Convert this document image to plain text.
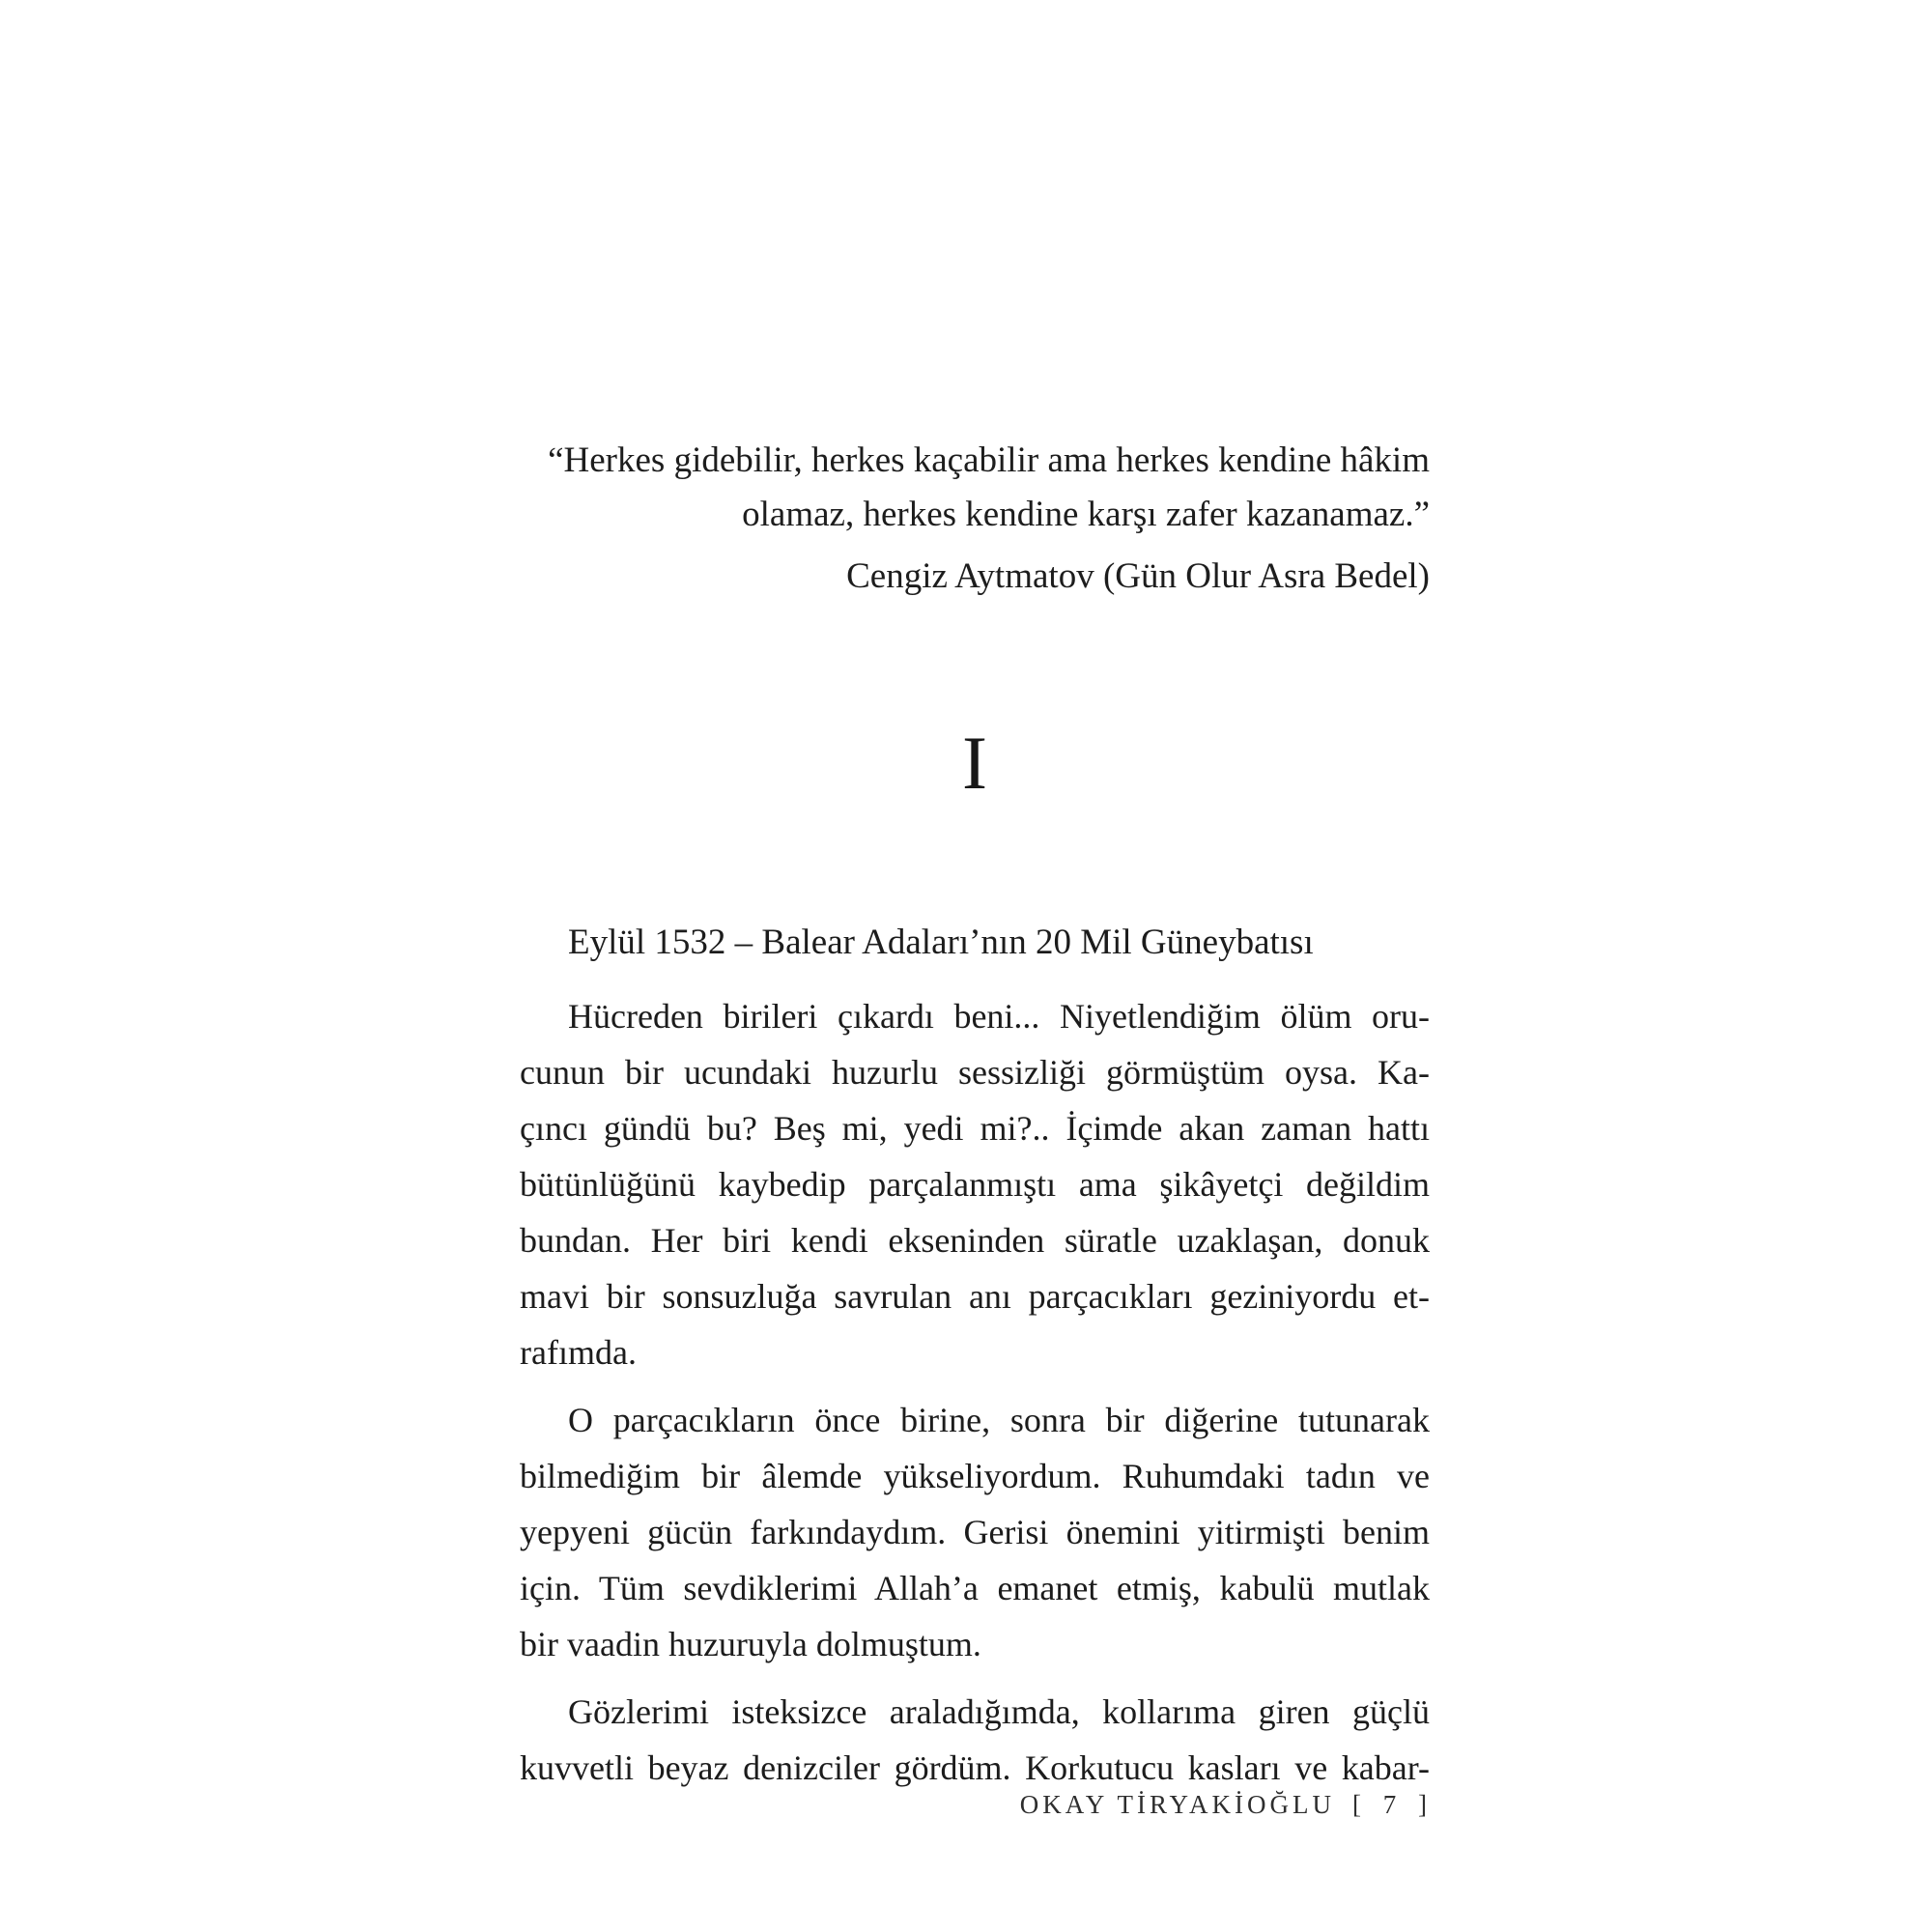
“Herkes gidebilir, herkes kaçabilir ama herkes kendine hâkim
olamaz, herkes kendine karşı zafer kazanamaz.”
Cengiz Aytmatov (Gün Olur Asra Bedel)
I
Eylül 1532 – Balear Adaları’nın 20 Mil Güneybatısı
Hücreden birileri çıkardı beni... Niyetlendiğim ölüm oru-
cunun bir ucundaki huzurlu sessizliği görmüştüm oysa. Ka-
çıncı gündü bu? Beş mi, yedi mi?.. İçimde akan zaman hattı
bütünlüğünü kaybedip parçalanmıştı ama şikâyetçi değildim
bundan. Her biri kendi ekseninden süratle uzaklaşan, donuk
mavi bir sonsuzluğa savrulan anı parçacıkları geziniyordu et-
rafımda.
O parçacıkların önce birine, sonra bir diğerine tutunarak
bilmediğim bir âlemde yükseliyordum. Ruhumdaki tadın ve
yepyeni gücün farkındaydım. Gerisi önemini yitirmişti benim
için. Tüm sevdiklerimi Allah’a emanet etmiş, kabulü mutlak
bir vaadin huzuruyla dolmuştum.
Gözlerimi isteksizce araladığımda, kollarıma giren güçlü
kuvvetli beyaz denizciler gördüm. Korkutucu kasları ve kabar-
OKAY TİRYAKİOĞLU [ 7 ]
